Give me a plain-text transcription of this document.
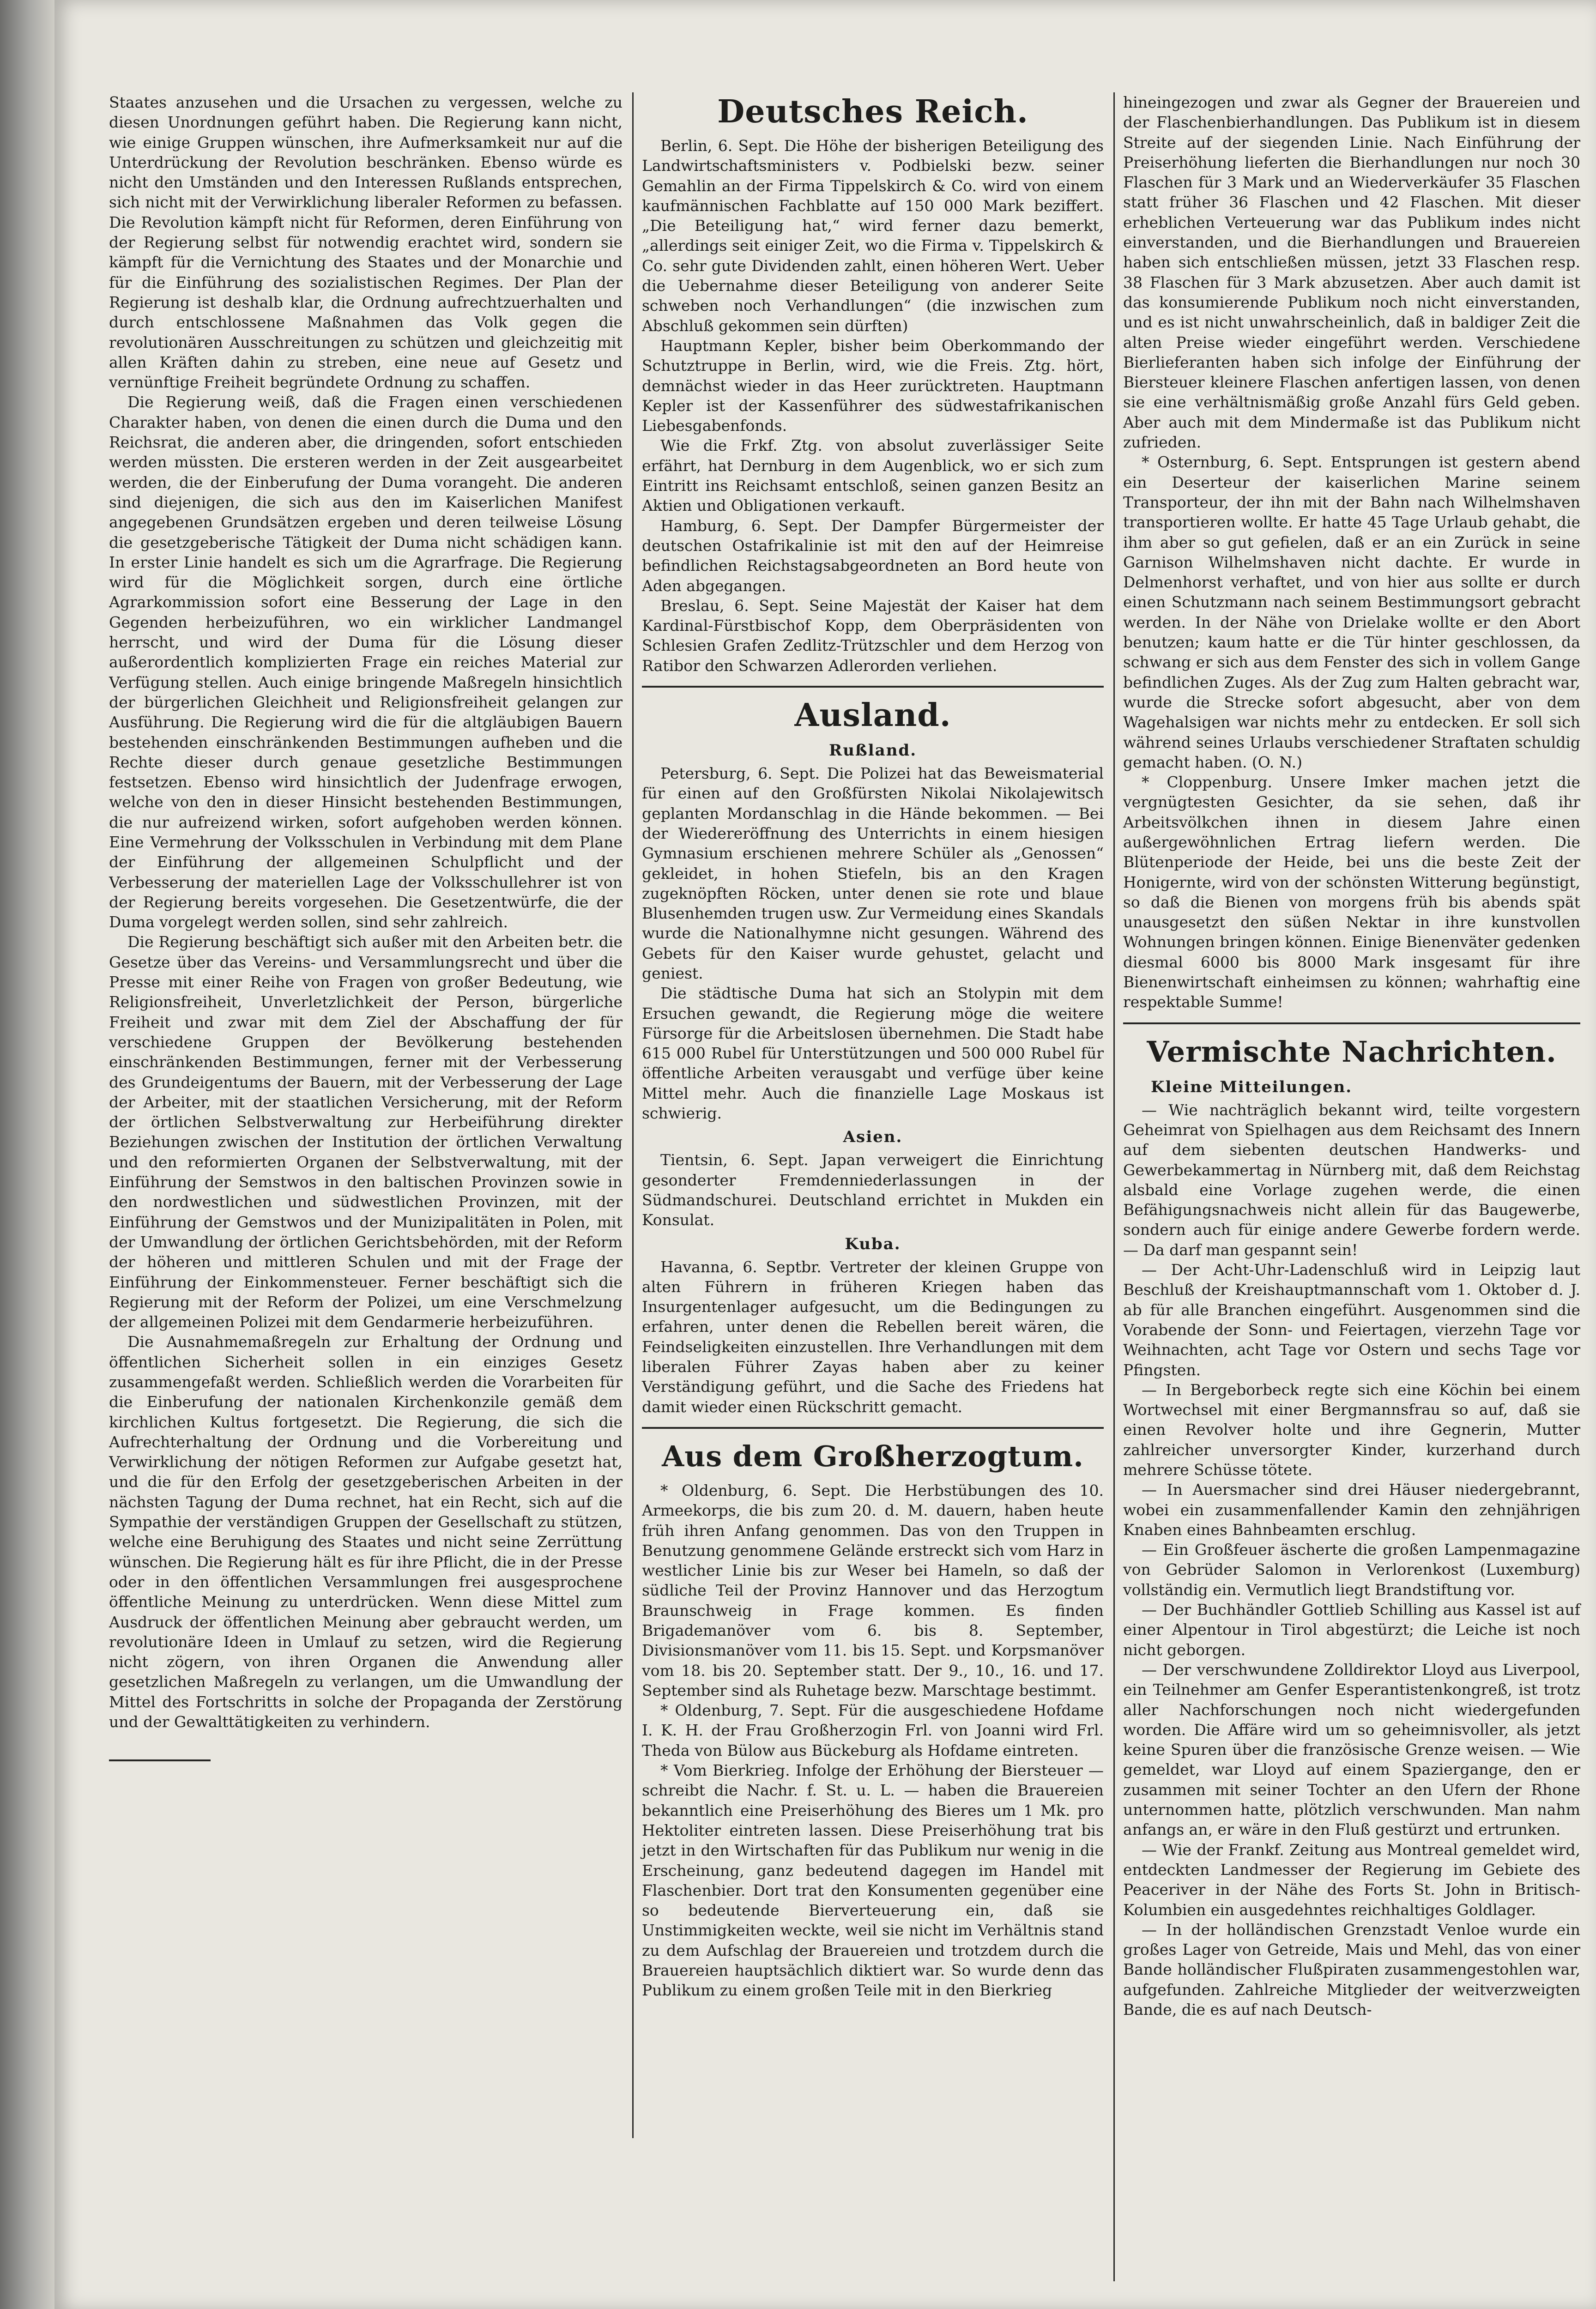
Staates anzusehen und die Ursachen zu vergessen, welche zu diesen Unordnungen geführt haben. Die Regierung kann nicht, wie einige Gruppen wünschen, ihre Aufmerksamkeit nur auf die Unterdrückung der Revolution beschränken. Ebenso würde es nicht den Umständen und den Interessen Rußlands entsprechen, sich nicht mit der Verwirklichung liberaler Reformen zu befassen. Die Revolution kämpft nicht für Reformen, deren Einführung von der Regierung selbst für notwendig erachtet wird, sondern sie kämpft für die Vernichtung des Staates und der Monarchie und für die Einführung des sozialistischen Regimes. Der Plan der Regierung ist deshalb klar, die Ordnung aufrechtzuerhalten und durch entschlossene Maßnahmen das Volk gegen die revolutionären Ausschreitungen zu schützen und gleichzeitig mit allen Kräften dahin zu streben, eine neue auf Gesetz und vernünftige Freiheit begründete Ordnung zu schaffen.

Die Regierung weiß, daß die Fragen einen verschiedenen Charakter haben, von denen die einen durch die Duma und den Reichsrat, die anderen aber, die dringenden, sofort entschieden werden müssten. Die ersteren werden in der Zeit ausgearbeitet werden, die der Einberufung der Duma vorangeht. Die anderen sind diejenigen, die sich aus den im Kaiserlichen Manifest angegebenen Grundsätzen ergeben und deren teilweise Lösung die gesetzgeberische Tätigkeit der Duma nicht schädigen kann. In erster Linie handelt es sich um die Agrarfrage. Die Regierung wird für die Möglichkeit sorgen, durch eine örtliche Agrarkommission sofort eine Besserung der Lage in den Gegenden herbeizuführen, wo ein wirklicher Landmangel herrscht, und wird der Duma für die Lösung dieser außerordentlich komplizierten Frage ein reiches Material zur Verfügung stellen. Auch einige bringende Maßregeln hinsichtlich der bürgerlichen Gleichheit und Religionsfreiheit gelangen zur Ausführung. Die Regierung wird die für die altgläubigen Bauern bestehenden einschränkenden Bestimmungen aufheben und die Rechte dieser durch genaue gesetzliche Bestimmungen festsetzen. Ebenso wird hinsichtlich der Judenfrage erwogen, welche von den in dieser Hinsicht bestehenden Bestimmungen, die nur aufreizend wirken, sofort aufgehoben werden können. Eine Vermehrung der Volksschulen in Verbindung mit dem Plane der Einführung der allgemeinen Schulpflicht und der Verbesserung der materiellen Lage der Volksschullehrer ist von der Regierung bereits vorgesehen. Die Gesetzentwürfe, die der Duma vorgelegt werden sollen, sind sehr zahlreich.

Die Regierung beschäftigt sich außer mit den Arbeiten betr. die Gesetze über das Vereins- und Versammlungsrecht und über die Presse mit einer Reihe von Fragen von großer Bedeutung, wie Religionsfreiheit, Unverletzlichkeit der Person, bürgerliche Freiheit und zwar mit dem Ziel der Abschaffung der für verschiedene Gruppen der Bevölkerung bestehenden einschränkenden Bestimmungen, ferner mit der Verbesserung des Grundeigentums der Bauern, mit der Verbesserung der Lage der Arbeiter, mit der staatlichen Versicherung, mit der Reform der örtlichen Selbstverwaltung zur Herbeiführung direkter Beziehungen zwischen der Institution der örtlichen Verwaltung und den reformierten Organen der Selbstverwaltung, mit der Einführung der Semstwos in den baltischen Provinzen sowie in den nordwestlichen und südwestlichen Provinzen, mit der Einführung der Gemstwos und der Munizipalitäten in Polen, mit der Umwandlung der örtlichen Gerichtsbehörden, mit der Reform der höheren und mittleren Schulen und mit der Frage der Einführung der Einkommensteuer. Ferner beschäftigt sich die Regierung mit der Reform der Polizei, um eine Verschmelzung der allgemeinen Polizei mit dem Gendarmerie herbeizuführen.

Die Ausnahmemaßregeln zur Erhaltung der Ordnung und öffentlichen Sicherheit sollen in ein einziges Gesetz zusammengefaßt werden. Schließlich werden die Vorarbeiten für die Einberufung der nationalen Kirchenkonzile gemäß dem kirchlichen Kultus fortgesetzt. Die Regierung, die sich die Aufrechterhaltung der Ordnung und die Vorbereitung und Verwirklichung der nötigen Reformen zur Aufgabe gesetzt hat, und die für den Erfolg der gesetzgeberischen Arbeiten in der nächsten Tagung der Duma rechnet, hat ein Recht, sich auf die Sympathie der verständigen Gruppen der Gesellschaft zu stützen, welche eine Beruhigung des Staates und nicht seine Zerrüttung wünschen. Die Regierung hält es für ihre Pflicht, die in der Presse oder in den öffentlichen Versammlungen frei ausgesprochene öffentliche Meinung zu unterdrücken. Wenn diese Mittel zum Ausdruck der öffentlichen Meinung aber gebraucht werden, um revolutionäre Ideen in Umlauf zu setzen, wird die Regierung nicht zögern, von ihren Organen die Anwendung aller gesetzlichen Maßregeln zu verlangen, um die Umwandlung der Mittel des Fortschritts in solche der Propaganda der Zerstörung und der Gewalttätigkeiten zu verhindern.

Deutsches Reich.

Berlin, 6. Sept. Die Höhe der bisherigen Beteiligung des Landwirtschaftsministers v. Podbielski bezw. seiner Gemahlin an der Firma Tippelskirch & Co. wird von einem kaufmännischen Fachblatte auf 150 000 Mark beziffert. „Die Beteiligung hat,“ wird ferner dazu bemerkt, „allerdings seit einiger Zeit, wo die Firma v. Tippelskirch & Co. sehr gute Dividenden zahlt, einen höheren Wert. Ueber die Uebernahme dieser Beteiligung von anderer Seite schweben noch Verhandlungen“ (die inzwischen zum Abschluß gekommen sein dürften)

Hauptmann Kepler, bisher beim Oberkommando der Schutztruppe in Berlin, wird, wie die Freis. Ztg. hört, demnächst wieder in das Heer zurücktreten. Hauptmann Kepler ist der Kassenführer des südwestafrikanischen Liebesgabenfonds.

Wie die Frkf. Ztg. von absolut zuverlässiger Seite erfährt, hat Dernburg in dem Augenblick, wo er sich zum Eintritt ins Reichsamt entschloß, seinen ganzen Besitz an Aktien und Obligationen verkauft.

Hamburg, 6. Sept. Der Dampfer Bürgermeister der deutschen Ostafrikalinie ist mit den auf der Heimreise befindlichen Reichstagsabgeordneten an Bord heute von Aden abgegangen.

Breslau, 6. Sept. Seine Majestät der Kaiser hat dem Kardinal-Fürstbischof Kopp, dem Oberpräsidenten von Schlesien Grafen Zedlitz-Trützschler und dem Herzog von Ratibor den Schwarzen Adlerorden verliehen.

Ausland.
Rußland.

Petersburg, 6. Sept. Die Polizei hat das Beweismaterial für einen auf den Großfürsten Nikolai Nikolajewitsch geplanten Mordanschlag in die Hände bekommen. — Bei der Wiedereröffnung des Unterrichts in einem hiesigen Gymnasium erschienen mehrere Schüler als „Genossen“ gekleidet, in hohen Stiefeln, bis an den Kragen zugeknöpften Röcken, unter denen sie rote und blaue Blusenhemden trugen usw. Zur Vermeidung eines Skandals wurde die Nationalhymne nicht gesungen. Während des Gebets für den Kaiser wurde gehustet, gelacht und geniest.

Die städtische Duma hat sich an Stolypin mit dem Ersuchen gewandt, die Regierung möge die weitere Fürsorge für die Arbeitslosen übernehmen. Die Stadt habe 615 000 Rubel für Unterstützungen und 500 000 Rubel für öffentliche Arbeiten verausgabt und verfüge über keine Mittel mehr. Auch die finanzielle Lage Moskaus ist schwierig.

Asien.

Tientsin, 6. Sept. Japan verweigert die Einrichtung gesonderter Fremdenniederlassungen in der Südmandschurei. Deutschland errichtet in Mukden ein Konsulat.

Kuba.

Havanna, 6. Septbr. Vertreter der kleinen Gruppe von alten Führern in früheren Kriegen haben das Insurgentenlager aufgesucht, um die Bedingungen zu erfahren, unter denen die Rebellen bereit wären, die Feindseligkeiten einzustellen. Ihre Verhandlungen mit dem liberalen Führer Zayas haben aber zu keiner Verständigung geführt, und die Sache des Friedens hat damit wieder einen Rückschritt gemacht.

Aus dem Großherzogtum.

* Oldenburg, 6. Sept. Die Herbstübungen des 10. Armeekorps, die bis zum 20. d. M. dauern, haben heute früh ihren Anfang genommen. Das von den Truppen in Benutzung genommene Gelände erstreckt sich vom Harz in westlicher Linie bis zur Weser bei Hameln, so daß der südliche Teil der Provinz Hannover und das Herzogtum Braunschweig in Frage kommen. Es finden Brigademanöver vom 6. bis 8. September, Divisionsmanöver vom 11. bis 15. Sept. und Korpsmanöver vom 18. bis 20. September statt. Der 9., 10., 16. und 17. September sind als Ruhetage bezw. Marschtage bestimmt.

* Oldenburg, 7. Sept. Für die ausgeschiedene Hofdame I. K. H. der Frau Großherzogin Frl. von Joanni wird Frl. Theda von Bülow aus Bückeburg als Hofdame eintreten.

* Vom Bierkrieg. Infolge der Erhöhung der Biersteuer — schreibt die Nachr. f. St. u. L. — haben die Brauereien bekanntlich eine Preiserhöhung des Bieres um 1 Mk. pro Hektoliter eintreten lassen. Diese Preiserhöhung trat bis jetzt in den Wirtschaften für das Publikum nur wenig in die Erscheinung, ganz bedeutend dagegen im Handel mit Flaschenbier. Dort trat den Konsumenten gegenüber eine so bedeutende Bierverteuerung ein, daß sie Unstimmigkeiten weckte, weil sie nicht im Verhältnis stand zu dem Aufschlag der Brauereien und trotzdem durch die Brauereien hauptsächlich diktiert war. So wurde denn das Publikum zu einem großen Teile mit in den Bierkrieg

hineingezogen und zwar als Gegner der Brauereien und der Flaschenbierhandlungen. Das Publikum ist in diesem Streite auf der siegenden Linie. Nach Einführung der Preiserhöhung lieferten die Bierhandlungen nur noch 30 Flaschen für 3 Mark und an Wiederverkäufer 35 Flaschen statt früher 36 Flaschen und 42 Flaschen. Mit dieser erheblichen Verteuerung war das Publikum indes nicht einverstanden, und die Bierhandlungen und Brauereien haben sich entschließen müssen, jetzt 33 Flaschen resp. 38 Flaschen für 3 Mark abzusetzen. Aber auch damit ist das konsumierende Publikum noch nicht einverstanden, und es ist nicht unwahrscheinlich, daß in baldiger Zeit die alten Preise wieder eingeführt werden. Verschiedene Bierlieferanten haben sich infolge der Einführung der Biersteuer kleinere Flaschen anfertigen lassen, von denen sie eine verhältnismäßig große Anzahl fürs Geld geben. Aber auch mit dem Mindermaße ist das Publikum nicht zufrieden.

* Osternburg, 6. Sept. Entsprungen ist gestern abend ein Deserteur der kaiserlichen Marine seinem Transporteur, der ihn mit der Bahn nach Wilhelmshaven transportieren wollte. Er hatte 45 Tage Urlaub gehabt, die ihm aber so gut gefielen, daß er an ein Zurück in seine Garnison Wilhelmshaven nicht dachte. Er wurde in Delmenhorst verhaftet, und von hier aus sollte er durch einen Schutzmann nach seinem Bestimmungsort gebracht werden. In der Nähe von Drielake wollte er den Abort benutzen; kaum hatte er die Tür hinter geschlossen, da schwang er sich aus dem Fenster des sich in vollem Gange befindlichen Zuges. Als der Zug zum Halten gebracht war, wurde die Strecke sofort abgesucht, aber von dem Wagehalsigen war nichts mehr zu entdecken. Er soll sich während seines Urlaubs verschiedener Straftaten schuldig gemacht haben. (O. N.)

* Cloppenburg. Unsere Imker machen jetzt die vergnügtesten Gesichter, da sie sehen, daß ihr Arbeitsvölkchen ihnen in diesem Jahre einen außergewöhnlichen Ertrag liefern werden. Die Blütenperiode der Heide, bei uns die beste Zeit der Honigernte, wird von der schönsten Witterung begünstigt, so daß die Bienen von morgens früh bis abends spät unausgesetzt den süßen Nektar in ihre kunstvollen Wohnungen bringen können. Einige Bienenväter gedenken diesmal 6000 bis 8000 Mark insgesamt für ihre Bienenwirtschaft einheimsen zu können; wahrhaftig eine respektable Summe!

Vermischte Nachrichten.
Kleine Mitteilungen.

— Wie nachträglich bekannt wird, teilte vorgestern Geheimrat von Spielhagen aus dem Reichsamt des Innern auf dem siebenten deutschen Handwerks- und Gewerbekammertag in Nürnberg mit, daß dem Reichstag alsbald eine Vorlage zugehen werde, die einen Befähigungsnachweis nicht allein für das Baugewerbe, sondern auch für einige andere Gewerbe fordern werde. — Da darf man gespannt sein!

— Der Acht-Uhr-Ladenschluß wird in Leipzig laut Beschluß der Kreishauptmannschaft vom 1. Oktober d. J. ab für alle Branchen eingeführt. Ausgenommen sind die Vorabende der Sonn- und Feiertagen, vierzehn Tage vor Weihnachten, acht Tage vor Ostern und sechs Tage vor Pfingsten.

— In Bergeborbeck regte sich eine Köchin bei einem Wortwechsel mit einer Bergmannsfrau so auf, daß sie einen Revolver holte und ihre Gegnerin, Mutter zahlreicher unversorgter Kinder, kurzerhand durch mehrere Schüsse tötete.

— In Auersmacher sind drei Häuser niedergebrannt, wobei ein zusammenfallender Kamin den zehnjährigen Knaben eines Bahnbeamten erschlug.

— Ein Großfeuer äscherte die großen Lampenmagazine von Gebrüder Salomon in Verlorenkost (Luxemburg) vollständig ein. Vermutlich liegt Brandstiftung vor.

— Der Buchhändler Gottlieb Schilling aus Kassel ist auf einer Alpentour in Tirol abgestürzt; die Leiche ist noch nicht geborgen.

— Der verschwundene Zolldirektor Lloyd aus Liverpool, ein Teilnehmer am Genfer Esperantistenkongreß, ist trotz aller Nachforschungen noch nicht wiedergefunden worden. Die Affäre wird um so geheimnisvoller, als jetzt keine Spuren über die französische Grenze weisen. — Wie gemeldet, war Lloyd auf einem Spaziergange, den er zusammen mit seiner Tochter an den Ufern der Rhone unternommen hatte, plötzlich verschwunden. Man nahm anfangs an, er wäre in den Fluß gestürzt und ertrunken.

— Wie der Frankf. Zeitung aus Montreal gemeldet wird, entdeckten Landmesser der Regierung im Gebiete des Peaceriver in der Nähe des Forts St. John in Britisch-Kolumbien ein ausgedehntes reichhaltiges Goldlager.

— In der holländischen Grenzstadt Venloe wurde ein großes Lager von Getreide, Mais und Mehl, das von einer Bande holländischer Flußpiraten zusammengestohlen war, aufgefunden. Zahlreiche Mitglieder der weitverzweigten Bande, die es auf nach Deutsch-
